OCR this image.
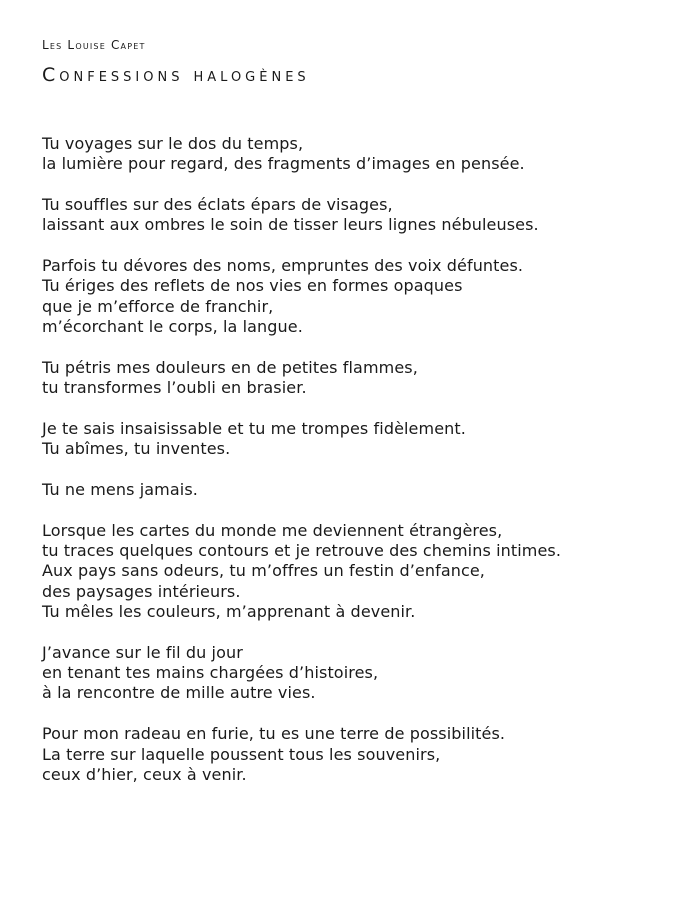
Les Louise Capet
Confessions halogènes
Tu voyages sur le dos du temps,
la lumière pour regard, des fragments d’images en pensée.
Tu souffles sur des éclats épars de visages,
laissant aux ombres le soin de tisser leurs lignes nébuleuses.
Parfois tu dévores des noms, empruntes des voix défuntes.
Tu ériges des reflets de nos vies en formes opaques
que je m’efforce de franchir,
m’écorchant le corps, la langue.
Tu pétris mes douleurs en de petites flammes,
tu transformes l’oubli en brasier.
Je te sais insaisissable et tu me trompes fidèlement.
Tu abîmes, tu inventes.
Tu ne mens jamais.
Lorsque les cartes du monde me deviennent étrangères,
tu traces quelques contours et je retrouve des chemins intimes.
Aux pays sans odeurs, tu m’offres un festin d’enfance,
des paysages intérieurs.
Tu mêles les couleurs, m’apprenant à devenir.
J’avance sur le fil du jour
en tenant tes mains chargées d’histoires,
à la rencontre de mille autre vies.
Pour mon radeau en furie, tu es une terre de possibilités.
La terre sur laquelle poussent tous les souvenirs,
ceux d’hier, ceux à venir.
